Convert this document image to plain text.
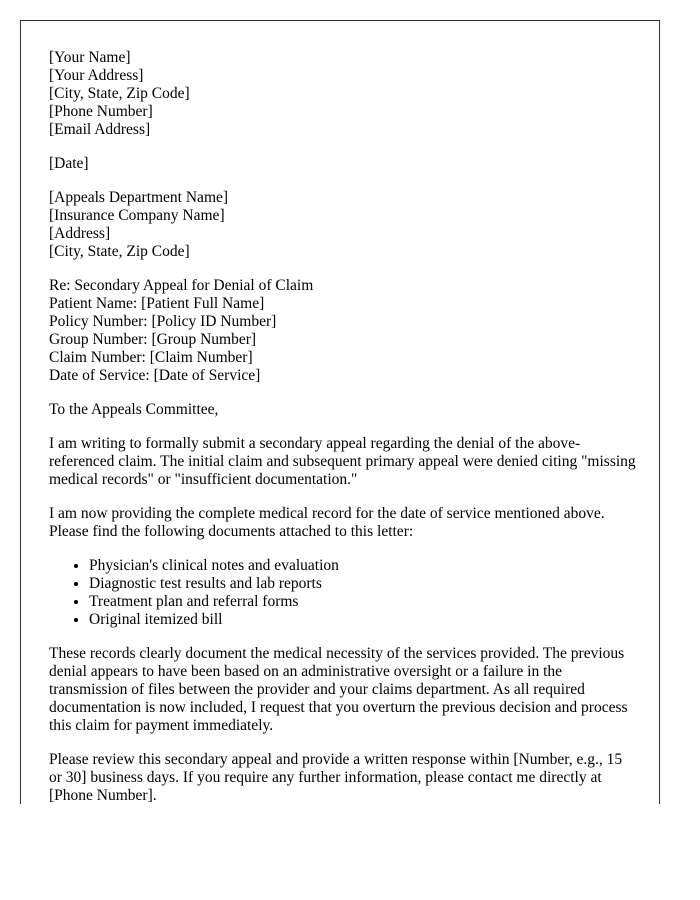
[Your Name]
[Your Address]
[City, State, Zip Code]
[Phone Number]
[Email Address]
[Date]
[Appeals Department Name]
[Insurance Company Name]
[Address]
[City, State, Zip Code]
Re: Secondary Appeal for Denial of Claim
Patient Name: [Patient Full Name]
Policy Number: [Policy ID Number]
Group Number: [Group Number]
Claim Number: [Claim Number]
Date of Service: [Date of Service]

To the Appeals Committee,

I am writing to formally submit a secondary appeal regarding the denial of the above-referenced claim. The initial claim and subsequent primary appeal were denied citing "missing medical records" or "insufficient documentation."

I am now providing the complete medical record for the date of service mentioned above. Please find the following documents attached to this letter:

• Physician's clinical notes and evaluation
• Diagnostic test results and lab reports
• Treatment plan and referral forms
• Original itemized bill

These records clearly document the medical necessity of the services provided. The previous denial appears to have been based on an administrative oversight or a failure in the transmission of files between the provider and your claims department. As all required documentation is now included, I request that you overturn the previous decision and process this claim for payment immediately.

Please review this secondary appeal and provide a written response within [Number, e.g., 15 or 30] business days. If you require any further information, please contact me directly at [Phone Number].
